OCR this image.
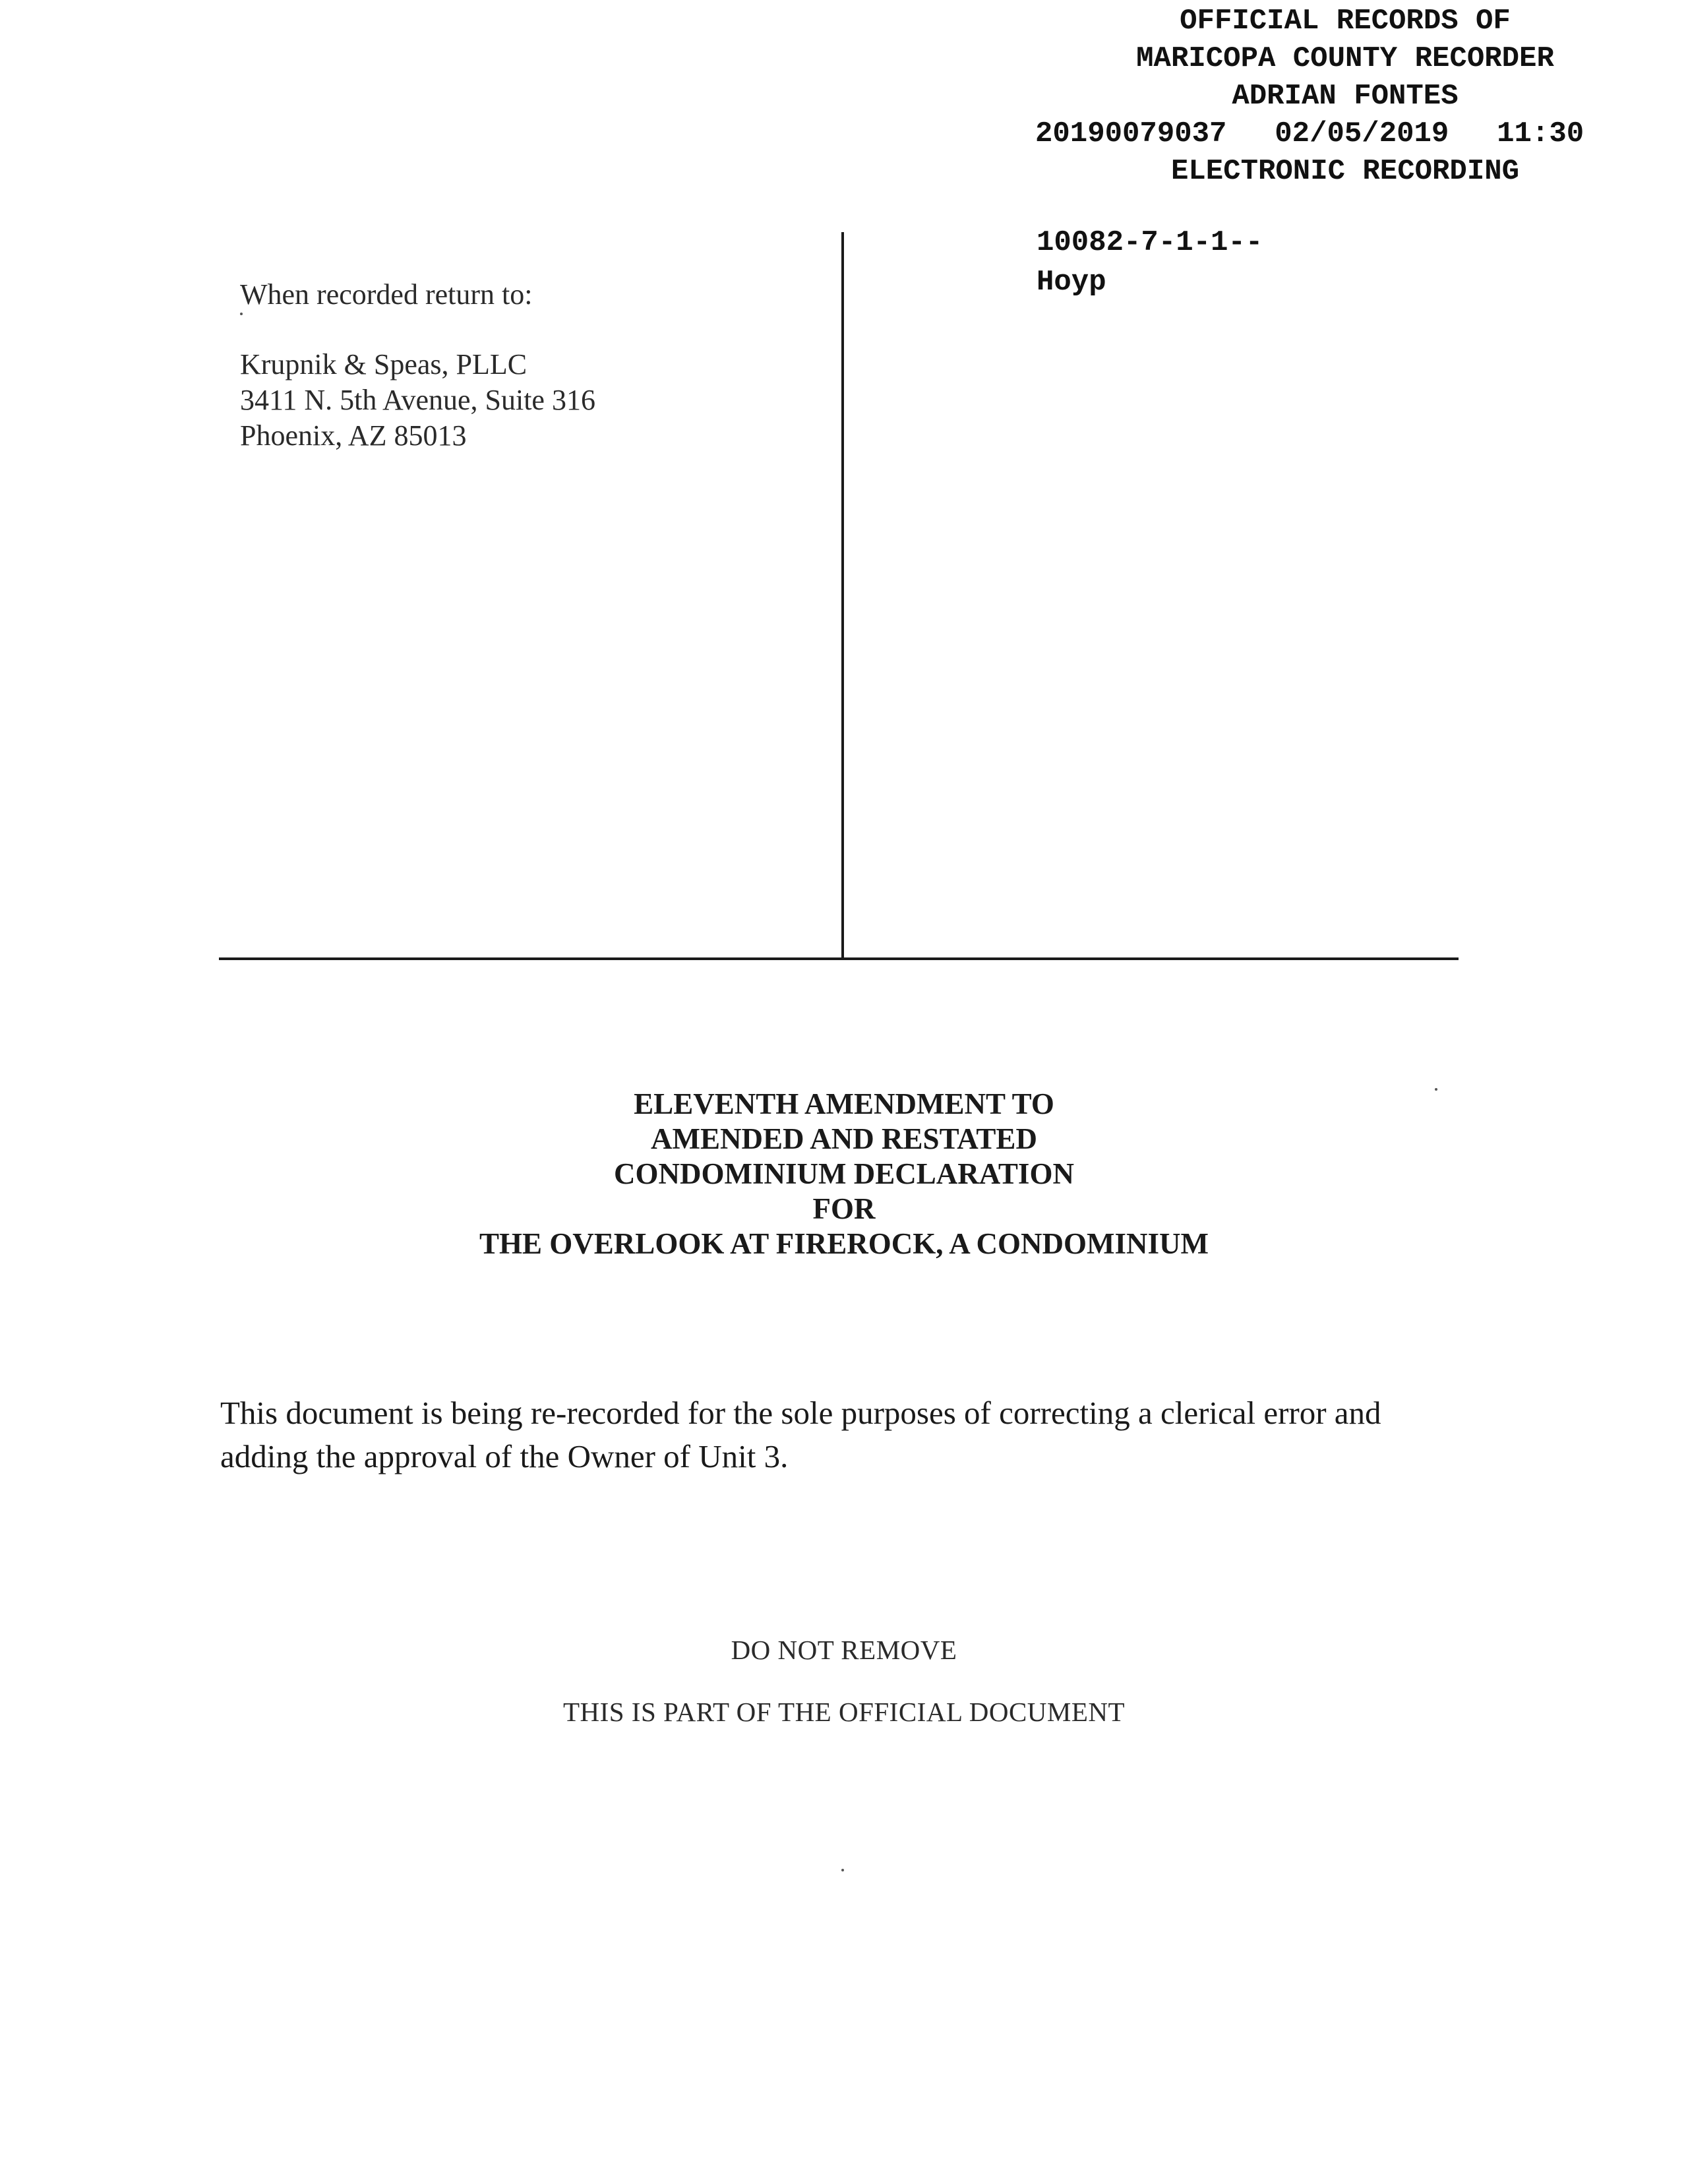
OFFICIAL RECORDS OF
MARICOPA COUNTY RECORDER
ADRIAN FONTES
20190079037 02/05/2019 11:30
ELECTRONIC RECORDING
10082-7-1-1--
Hoyp
When recorded return to:
Krupnik & Speas, PLLC
3411 N. 5th Avenue, Suite 316
Phoenix, AZ 85013
ELEVENTH AMENDMENT TO
AMENDED AND RESTATED
CONDOMINIUM DECLARATION
FOR
THE OVERLOOK AT FIREROCK, A CONDOMINIUM
This document is being re-recorded for the sole purposes of correcting a clerical error and adding the approval of the Owner of Unit 3.
DO NOT REMOVE
THIS IS PART OF THE OFFICIAL DOCUMENT
